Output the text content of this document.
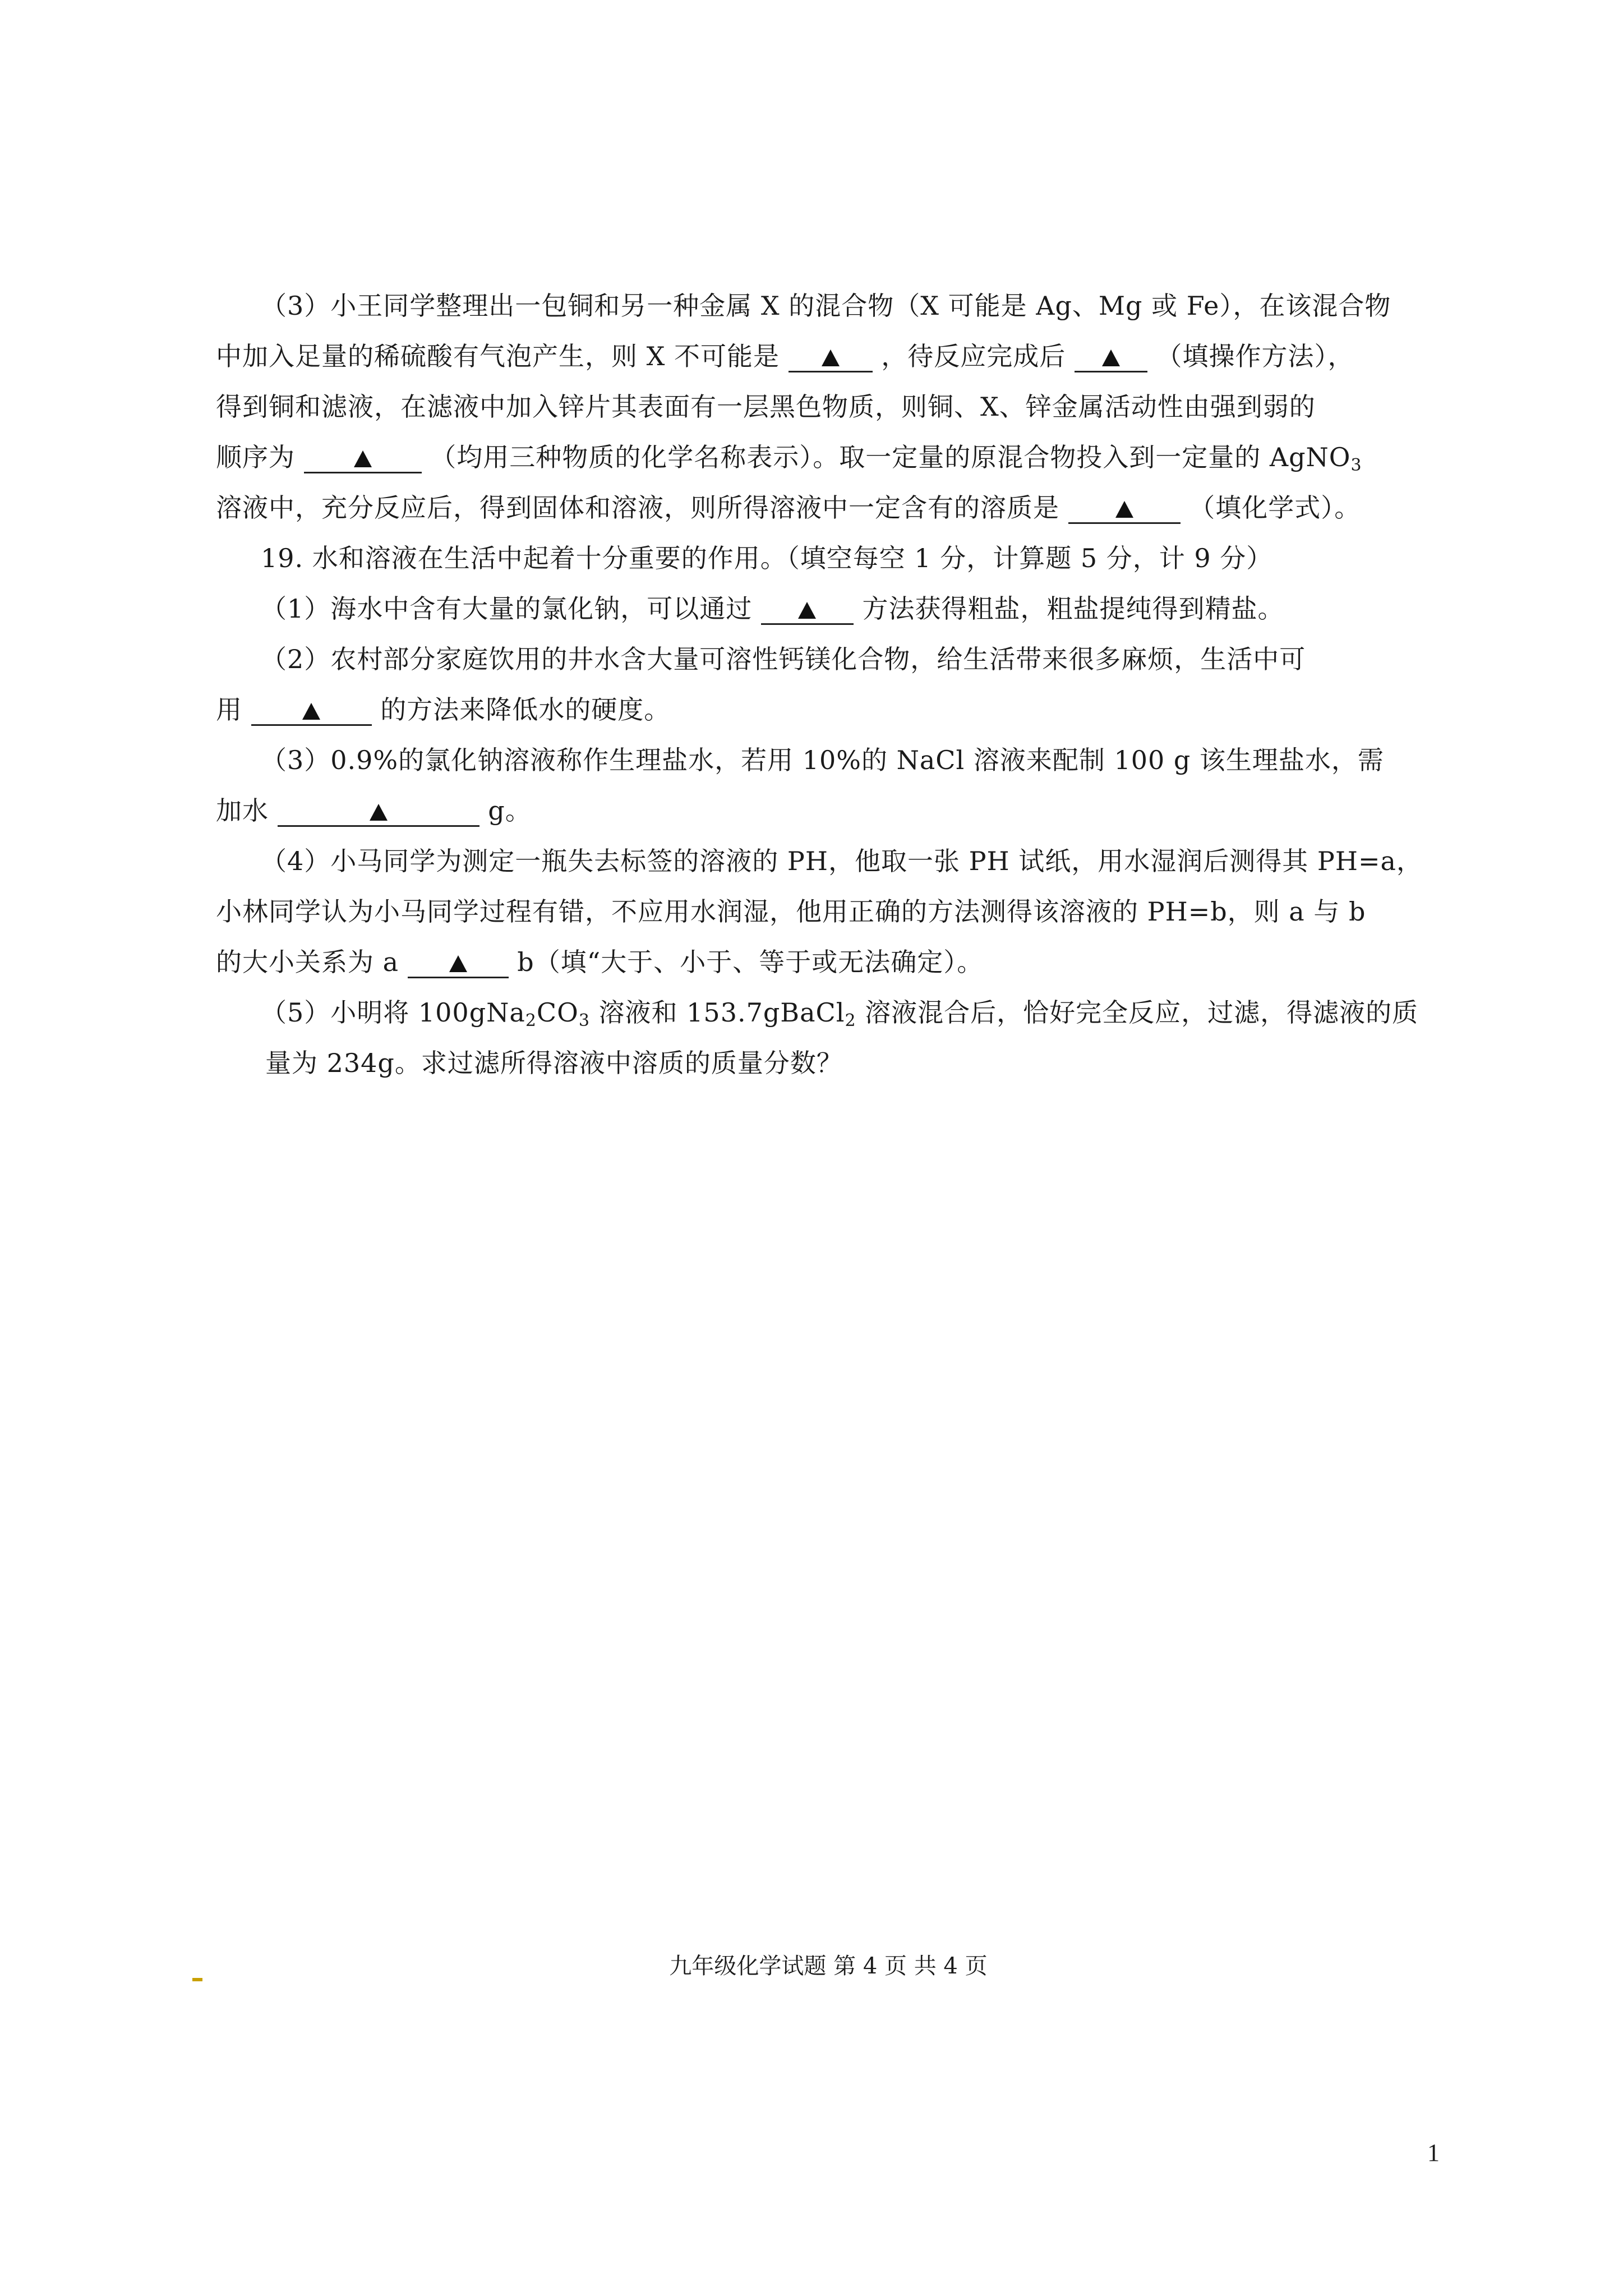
（3）小王同学整理出一包铜和另一种金属 X 的混合物（X 可能是 Ag、Mg 或 Fe），在该混合物
中加入足量的稀硫酸有气泡产生，则 X 不可能是	，待反应完成后	（填操作方法），
得到铜和滤液，在滤液中加入锌片其表面有一层黑色物质，则铜、X、锌金属活动性由强到弱的
顺序为	（均用三种物质的化学名称表示）。取一定量的原混合物投入到一定量的 AgNO$_3$
溶液中，充分反应后，得到固体和溶液，则所得溶液中一定含有的溶质是	（填化学式）。
19. 水和溶液在生活中起着十分重要的作用。（填空每空 1 分，计算题 5 分，计 9 分）
（1）海水中含有大量的氯化钠，可以通过	方法获得粗盐，粗盐提纯得到精盐。
（2）农村部分家庭饮用的井水含大量可溶性钙镁化合物，给生活带来很多麻烦，生活中可
用	的方法来降低水的硬度。
（3）0.9%的氯化钠溶液称作生理盐水，若用 10%的 NaCl 溶液来配制 100 g 该生理盐水，需
加水	g。
（4）小马同学为测定一瓶失去标签的溶液的 PH，他取一张 PH 试纸，用水湿润后测得其 PH=a，
小林同学认为小马同学过程有错，不应用水润湿，他用正确的方法测得该溶液的 PH=b，则 a 与 b
的大小关系为 a	b（填“大于、小于、等于或无法确定）。
（5）小明将 $100gNa_2CO_3$ 溶液和 153.7gBaCl$_2$ 溶液混合后，恰好完全反应，过滤，得滤液的质
量为 234g。求过滤所得溶液中溶质的质量分数？
九年级化学试题 第 4 页 共 4 页
1
